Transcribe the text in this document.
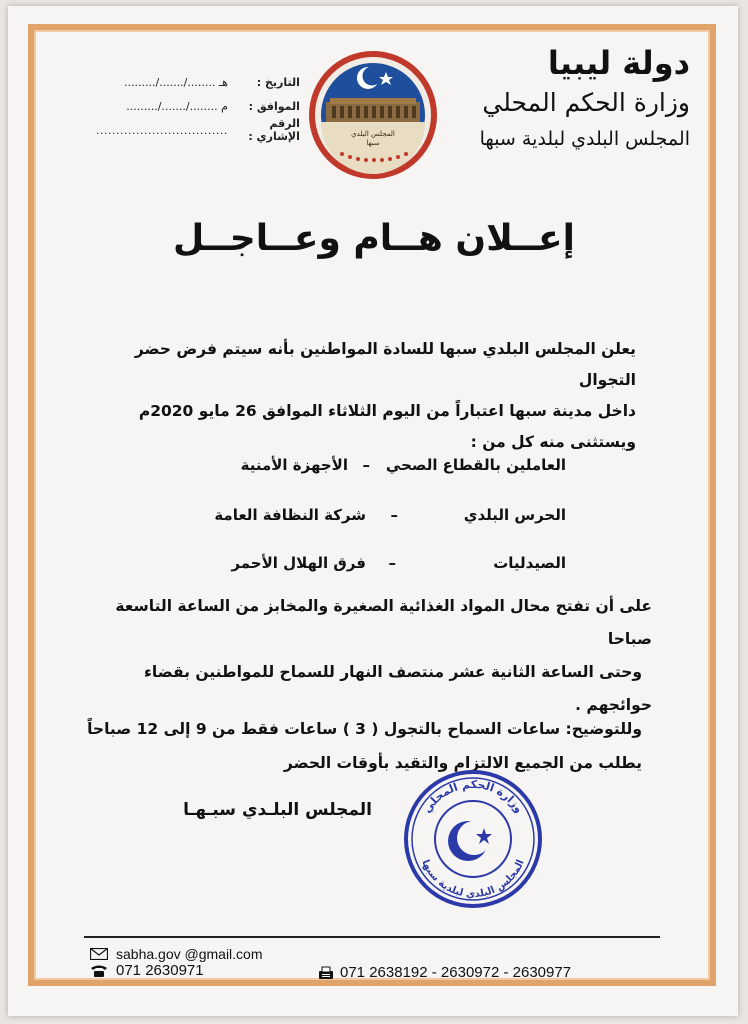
دولة ليبيا
وزارة الحكم المحلي
المجلس البلدي لبلدية سبها
التاريخ :
........./......./........ هـ
الموافق :
........./......./........ م
الرقم الإشاري :
.................................	المجلس البلدي
سبها
إعــلان هــام وعــاجــل
يعلن المجلس البلدي سبها للسادة المواطنين بأنه سيتم فرض حضر التجوال
داخل مدينة سبها اعتباراً من اليوم الثلاثاء الموافق 26 مايو 2020م
ويستثنى منه كل من :
العاملين بالقطاع الصحي
–
الأجهزة الأمنية
الحرس البلدي
–
شركة النظافة العامة
الصيدليات
–
فرق الهلال الأحمر
على أن تفتح محال المواد الغذائية الصغيرة والمخابز من الساعة التاسعة صباحا
وحتى الساعة الثانية عشر منتصف النهار للسماح للمواطنين بقضاء
حوائجهم .
وللتوضيح: ساعات السماح بالتجول ( 3 ) ساعات فقط من 9 إلى 12 صباحاً
يطلب من الجميع الالتزام والتقيد بأوقات الحضر
المجلس البلـدي سبـهـا	وزارة الحكم المحلي
المجلس البلدي لبلدية سبها
sabha.gov @gmail.com
071 2630971	071 2638192 - 2630972 - 2630977
